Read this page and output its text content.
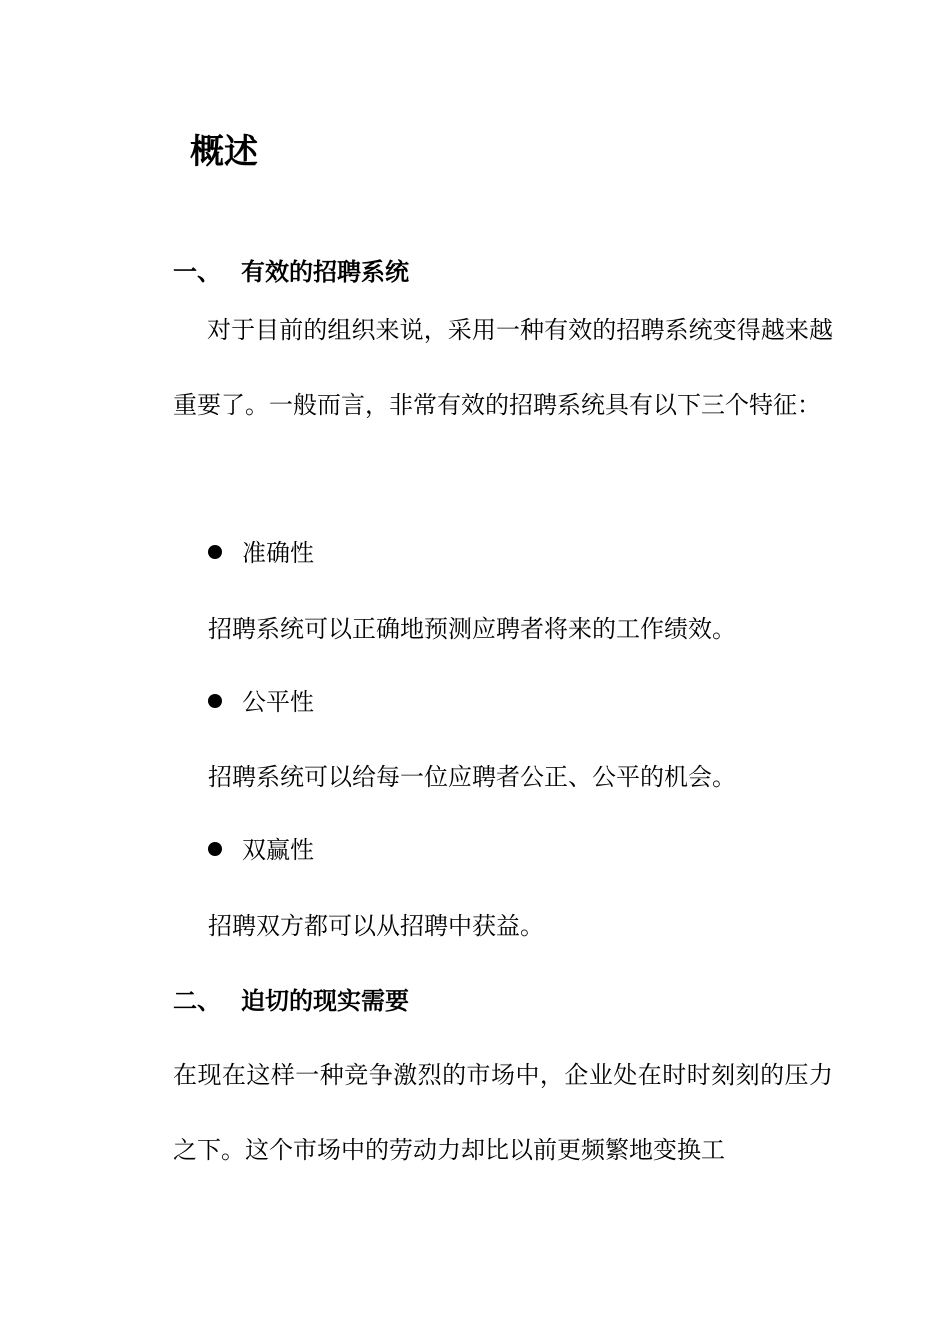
概述
一、 有效的招聘系统
对于目前的组织来说，采用一种有效的招聘系统变得越来越重要了。一般而言，非常有效的招聘系统具有以下三个特征：
准确性
招聘系统可以正确地预测应聘者将来的工作绩效。
公平性
招聘系统可以给每一位应聘者公正、公平的机会。
双赢性
招聘双方都可以从招聘中获益。
二、 迫切的现实需要
在现在这样一种竞争激烈的市场中，企业处在时时刻刻的压力之下。这个市场中的劳动力却比以前更频繁地变换工
